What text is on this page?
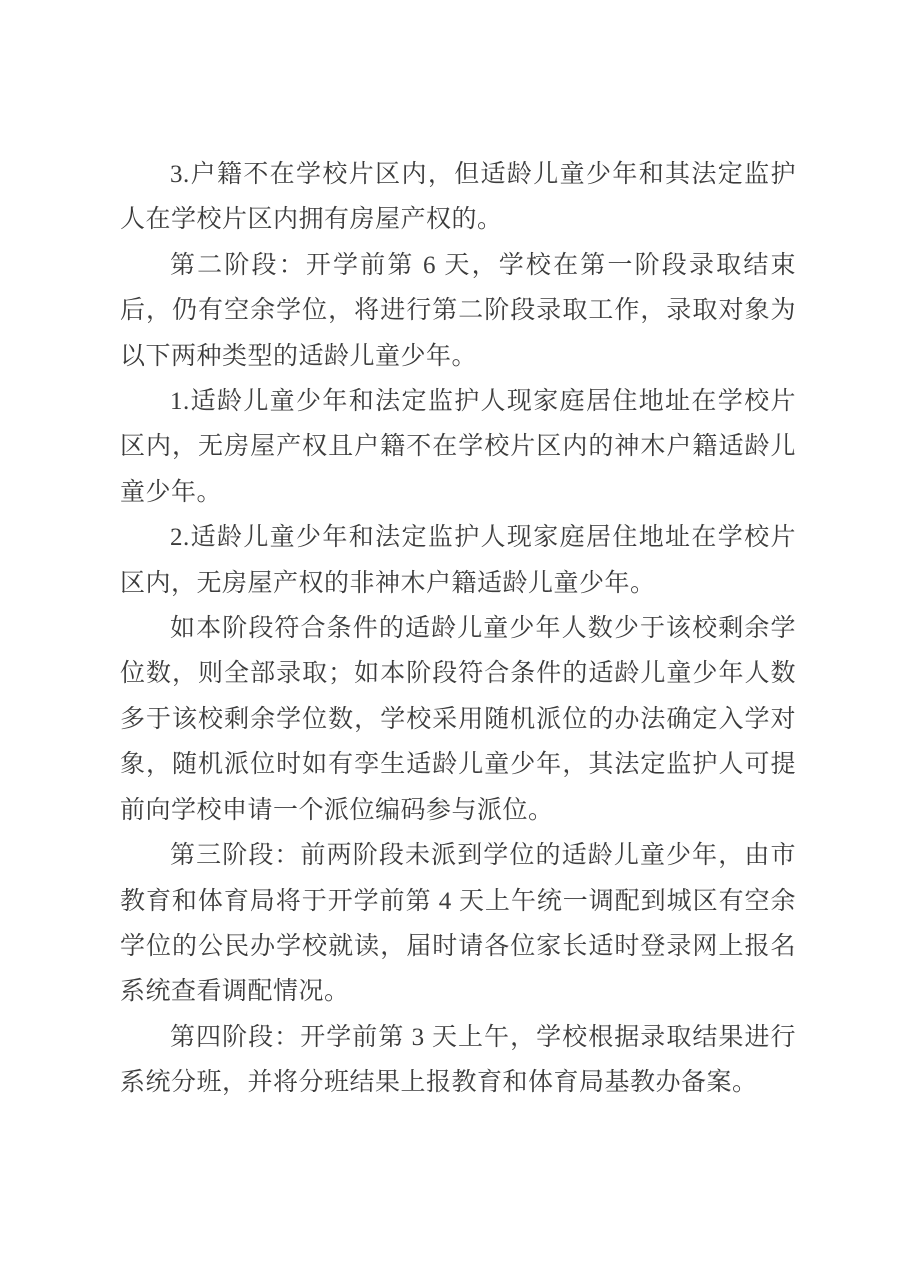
3.户籍不在学校片区内，但适龄儿童少年和其法定监护人在学校片区内拥有房屋产权的。

第二阶段：开学前第 6 天，学校在第一阶段录取结束后，仍有空余学位，将进行第二阶段录取工作，录取对象为以下两种类型的适龄儿童少年。

1.适龄儿童少年和法定监护人现家庭居住地址在学校片区内，无房屋产权且户籍不在学校片区内的神木户籍适龄儿童少年。

2.适龄儿童少年和法定监护人现家庭居住地址在学校片区内，无房屋产权的非神木户籍适龄儿童少年。

如本阶段符合条件的适龄儿童少年人数少于该校剩余学位数，则全部录取；如本阶段符合条件的适龄儿童少年人数多于该校剩余学位数，学校采用随机派位的办法确定入学对象，随机派位时如有孪生适龄儿童少年，其法定监护人可提前向学校申请一个派位编码参与派位。

第三阶段：前两阶段未派到学位的适龄儿童少年，由市教育和体育局将于开学前第 4 天上午统一调配到城区有空余学位的公民办学校就读，届时请各位家长适时登录网上报名系统查看调配情况。

第四阶段：开学前第 3 天上午，学校根据录取结果进行系统分班，并将分班结果上报教育和体育局基教办备案。
